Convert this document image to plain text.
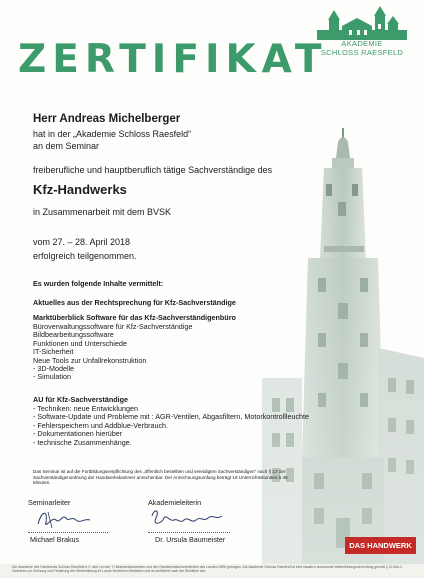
AKADEMIE
SCHLOSS RAESFELD
ZERTIFIKAT
Herr Andreas Michelberger
hat in der „Akademie Schloss Raesfeld“
an dem Seminar
freiberufliche und hauptberuflich tätige Sachverständige des
Kfz-Handwerks
in Zusammenarbeit mit dem BVSK
vom 27. – 28. April 2018
erfolgreich teilgenommen.
Es wurden folgende Inhalte vermittelt:
Aktuelles aus der Rechtsprechung für Kfz-Sachverständige
Marktüberblick Software für das Kfz-Sachverständigenbüro
Büroverwaltungssoftware für Kfz-Sachverständige
Bildbearbeitungssoftware
Funktionen und Unterschiede
IT-Sicherheit
Neue Tools zur Unfallrekonstruktion
- 3D-Modelle
- Simulation
AU für Kfz-Sachverständige
- Techniken: neue Entwicklungen
- Software-Update und Probleme mit : AGR-Ventilen, Abgasfiltern, Motorkontrollleuchte
- Fehlerspeichern und Addblue-Verbrauch.
- Dokumentationen hierüber
- technische Zusammenhänge.
Das Seminar ist auf die Fortbildungsverpflichtung des „öffentlich bestellten und vereidigten Sachverständigen“ nach § 17 der Sachverständigenordnung der Handwerkskammer anrechenbar. Der Anrechnungsumfang beträgt 16 Unterrichtsstunden à 45 Minuten.
Seminarleiter
Michael Brakus
Akademieleiterin
Dr. Ursula Baumeister
DAS HANDWERK
Die Akademie des Handwerks Schloss Raesfeld e.V. wird von der 7 Handwerkskammern und den Handwerksfachverbänden des Landes NRW getragen. Die Akademie Schloss Raesfeld ist eine staatlich anerkannte Weiterbildungseinrichtung gemäß § 22 Abs.1. Gesetzes zur Ordnung und Förderung der Weiterbildung im Lande Nordrhein-Westfalen und ist zertifiziert nach der Richtlinie des
